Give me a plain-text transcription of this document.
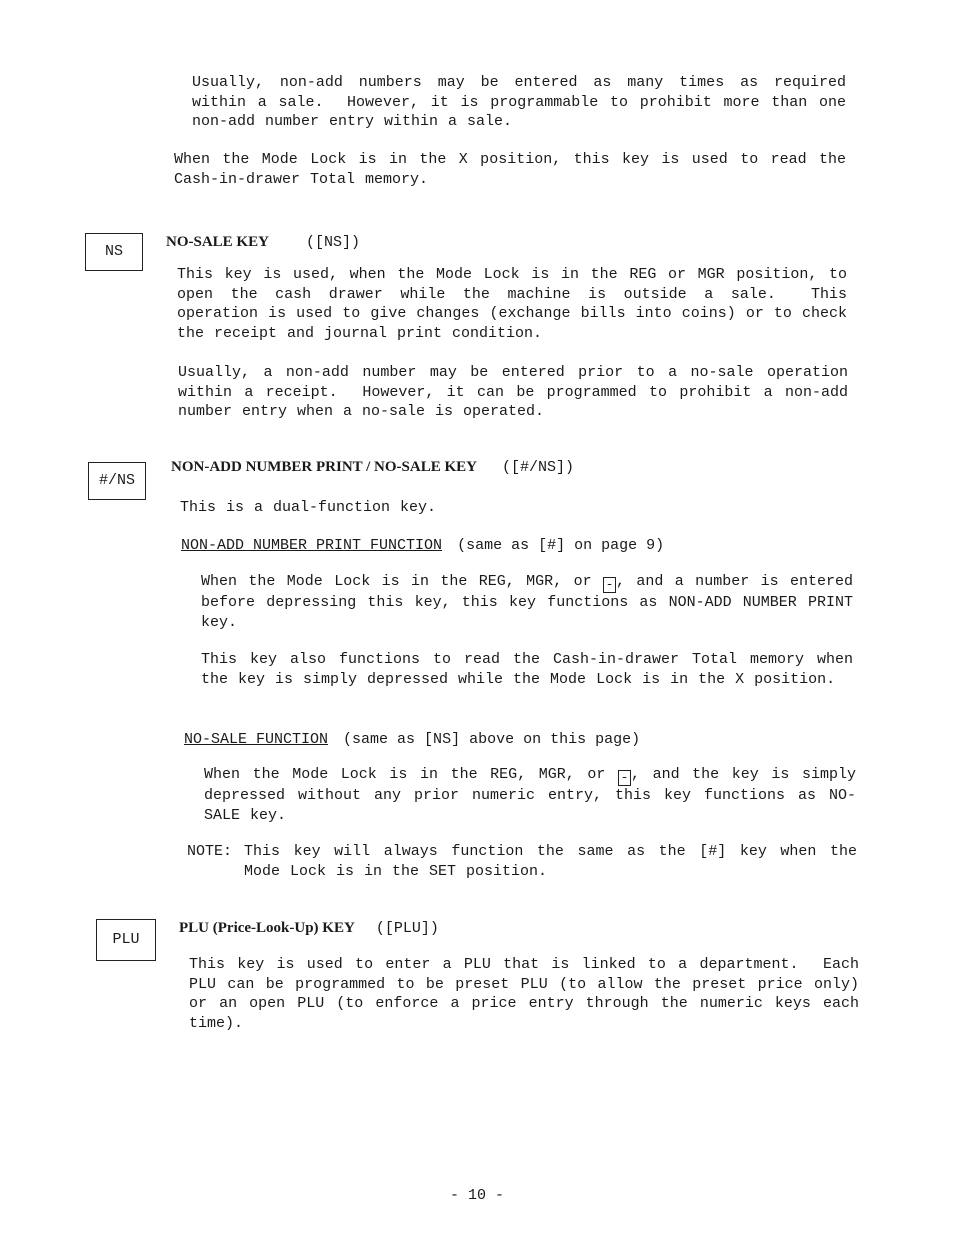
Usually, non-add numbers may be entered as many times as required within a sale.  However, it is programmable to prohibit more than one non-add number entry within a sale.

When the Mode Lock is in the X position, this key is used to read the Cash-in-drawer Total memory.

NS
NO-SALE KEY ([NS])

This key is used, when the Mode Lock is in the REG or MGR position, to open the cash drawer while the machine is outside a sale.  This operation is used to give changes (exchange bills into coins) or to check the receipt and journal print condition.

Usually, a non-add number may be entered prior to a no-sale operation within a receipt.  However, it can be programmed to prohibit a non-add number entry when a no-sale is operated.

#/NS
NON-ADD NUMBER PRINT / NO-SALE KEY ([#/NS])

This is a dual-function key.

NON-ADD NUMBER PRINT FUNCTION (same as [#] on page 9)

When the Mode Lock is in the REG, MGR, or - , and a number is entered before depressing this key, this key functions as NON-ADD NUMBER PRINT key.

This key also functions to read the Cash-in-drawer Total memory when the key is simply depressed while the Mode Lock is in the X position.

NO-SALE FUNCTION (same as [NS] above on this page)

When the Mode Lock is in the REG, MGR, or - , and the key is simply depressed without any prior numeric entry, this key functions as NO-SALE key.

NOTE: This key will always function the same as the [#] key when the Mode Lock is in the SET position.

PLU
PLU (Price-Look-Up) KEY ([PLU])

This key is used to enter a PLU that is linked to a department.  Each PLU can be programmed to be preset PLU (to allow the preset price only) or an open PLU (to enforce a price entry through the numeric keys each time).

- 10 -
